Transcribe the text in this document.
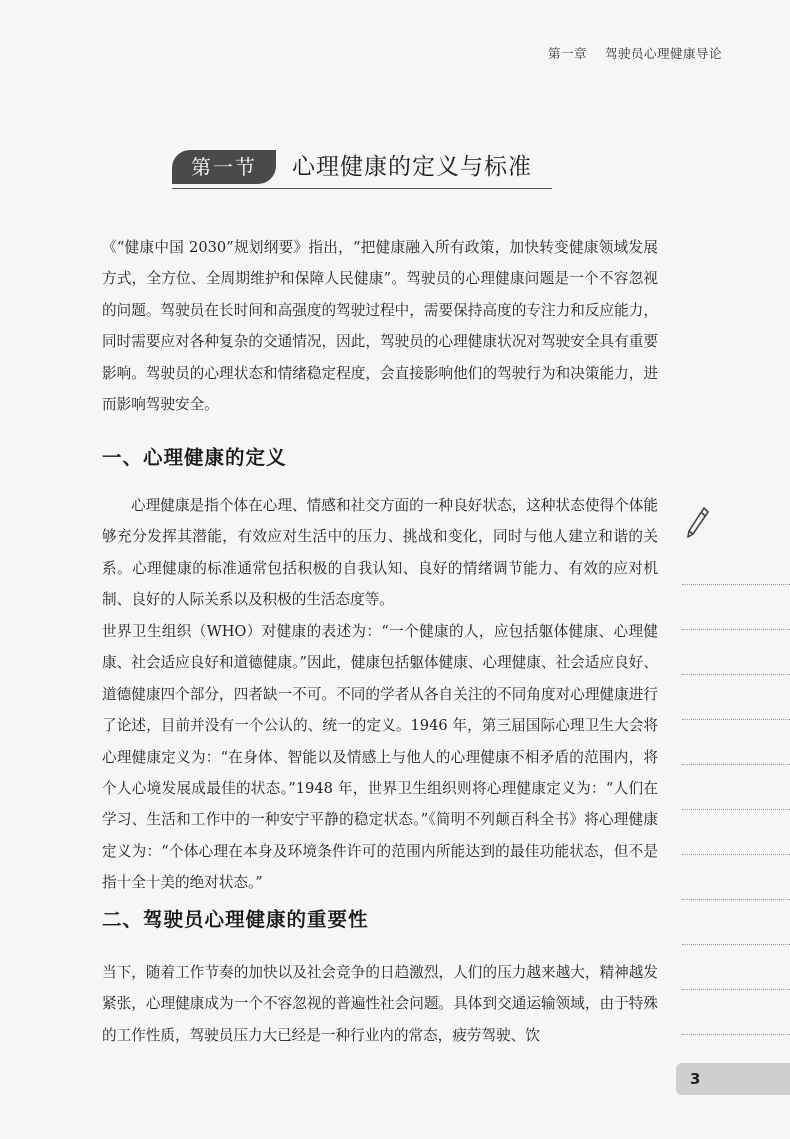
第一章 驾驶员心理健康导论
第一节	心理健康的定义与标准

《“健康中国 2030”规划纲要》指出，“把健康融入所有政策，加快转变健康领域发展方式，全方位、全周期维护和保障人民健康”。驾驶员的心理健康问题是一个不容忽视的问题。驾驶员在长时间和高强度的驾驶过程中，需要保持高度的专注力和反应能力，同时需要应对各种复杂的交通情况，因此，驾驶员的心理健康状况对驾驶安全具有重要影响。驾驶员的心理状态和情绪稳定程度，会直接影响他们的驾驶行为和决策能力，进而影响驾驶安全。

一、心理健康的定义

心理健康是指个体在心理、情感和社交方面的一种良好状态，这种状态使得个体能够充分发挥其潜能，有效应对生活中的压力、挑战和变化，同时与他人建立和谐的关系。心理健康的标准通常包括积极的自我认知、良好的情绪调节能力、有效的应对机制、良好的人际关系以及积极的生活态度等。

世界卫生组织（WHO）对健康的表述为：“一个健康的人，应包括躯体健康、心理健康、社会适应良好和道德健康。”因此，健康包括躯体健康、心理健康、社会适应良好、道德健康四个部分，四者缺一不可。不同的学者从各自关注的不同角度对心理健康进行了论述，目前并没有一个公认的、统一的定义。1946 年，第三届国际心理卫生大会将心理健康定义为：“在身体、智能以及情感上与他人的心理健康不相矛盾的范围内，将个人心境发展成最佳的状态。”1948 年，世界卫生组织则将心理健康定义为：“人们在学习、生活和工作中的一种安宁平静的稳定状态。”《简明不列颠百科全书》将心理健康定义为：“个体心理在本身及环境条件许可的范围内所能达到的最佳功能状态，但不是指十全十美的绝对状态。”

二、驾驶员心理健康的重要性

当下，随着工作节奏的加快以及社会竞争的日趋激烈，人们的压力越来越大，精神越发紧张，心理健康成为一个不容忽视的普遍性社会问题。具体到交通运输领域，由于特殊的工作性质，驾驶员压力大已经是一种行业内的常态，疲劳驾驶、饮

3
